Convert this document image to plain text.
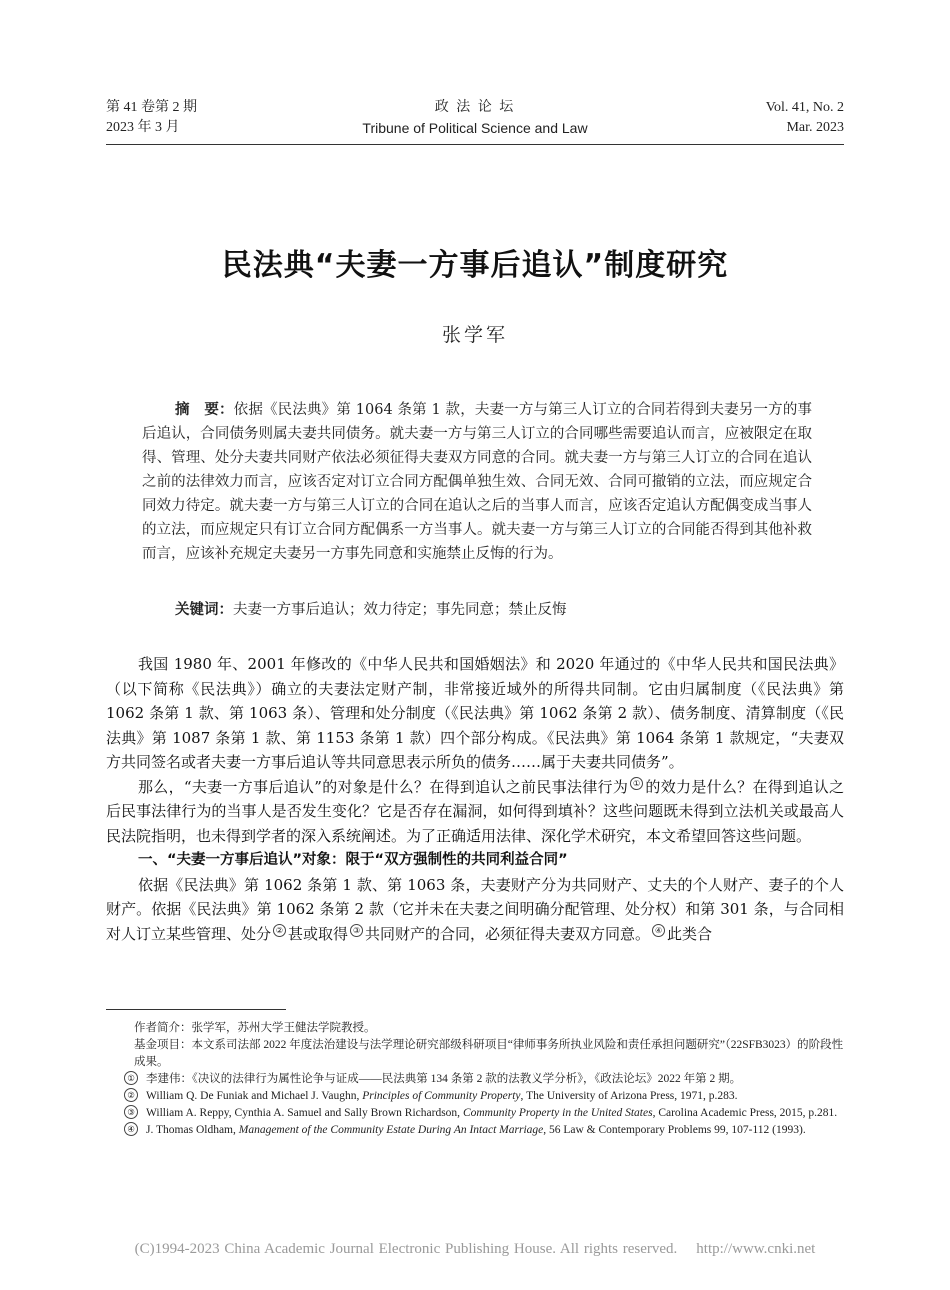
第 41 卷第 2 期
2023 年 3 月
政 法 论 坛
Tribune of Political Science and Law
Vol. 41, No. 2
Mar. 2023
民法典“夫妻一方事后追认”制度研究
张学军

摘　要：依据《民法典》第 1064 条第 1 款，夫妻一方与第三人订立的合同若得到夫妻另一方的事后追认，合同债务则属夫妻共同债务。就夫妻一方与第三人订立的合同哪些需要追认而言，应被限定在取得、管理、处分夫妻共同财产依法必须征得夫妻双方同意的合同。就夫妻一方与第三人订立的合同在追认之前的法律效力而言，应该否定对订立合同方配偶单独生效、合同无效、合同可撤销的立法，而应规定合同效力待定。就夫妻一方与第三人订立的合同在追认之后的当事人而言，应该否定追认方配偶变成当事人的立法，而应规定只有订立合同方配偶系一方当事人。就夫妻一方与第三人订立的合同能否得到其他补救而言，应该补充规定夫妻另一方事先同意和实施禁止反悔的行为。

关键词：夫妻一方事后追认；效力待定；事先同意；禁止反悔

我国 1980 年、2001 年修改的《中华人民共和国婚姻法》和 2020 年通过的《中华人民共和国民法典》（以下简称《民法典》）确立的夫妻法定财产制，非常接近域外的所得共同制。它由归属制度（《民法典》第 1062 条第 1 款、第 1063 条）、管理和处分制度（《民法典》第 1062 条第 2 款）、债务制度、清算制度（《民法典》第 1087 条第 1 款、第 1153 条第 1 款）四个部分构成。《民法典》第 1064 条第 1 款规定，“夫妻双方共同签名或者夫妻一方事后追认等共同意思表示所负的债务……属于夫妻共同债务”。

那么，“夫妻一方事后追认”的对象是什么？在得到追认之前民事法律行为 ① 的效力是什么？在得到追认之后民事法律行为的当事人是否发生变化？它是否存在漏洞，如何得到填补？这些问题既未得到立法机关或最高人民法院指明，也未得到学者的深入系统阐述。为了正确适用法律、深化学术研究，本文希望回答这些问题。

一、“夫妻一方事后追认”对象：限于“双方强制性的共同利益合同”

依据《民法典》第 1062 条第 1 款、第 1063 条，夫妻财产分为共同财产、丈夫的个人财产、妻子的个人财产。依据《民法典》第 1062 条第 2 款（它并未在夫妻之间明确分配管理、处分权）和第 301 条，与合同相对人订立某些管理、处分 ② 甚或取得 ③ 共同财产的合同，必须征得夫妻双方同意。 ④ 此类合

作者简介：张学军，苏州大学王健法学院教授。

基金项目：本文系司法部 2022 年度法治建设与法学理论研究部级科研项目“律师事务所执业风险和责任承担问题研究”（22SFB3023）的阶段性成果。

① 李建伟：《决议的法律行为属性论争与证成——民法典第 134 条第 2 款的法教义学分析》，《政法论坛》2022 年第 2 期。

② William Q. De Funiak and Michael J. Vaughn, Principles of Community Property, The University of Arizona Press, 1971, p.283.

③ William A. Reppy, Cynthia A. Samuel and Sally Brown Richardson, Community Property in the United States, Carolina Academic Press, 2015, p.281.

④ J. Thomas Oldham, Management of the Community Estate During An Intact Marriage, 56 Law & Contemporary Problems 99, 107-112 (1993).

(C)1994-2023 China Academic Journal Electronic Publishing House. All rights reserved.    http://www.cnki.net
